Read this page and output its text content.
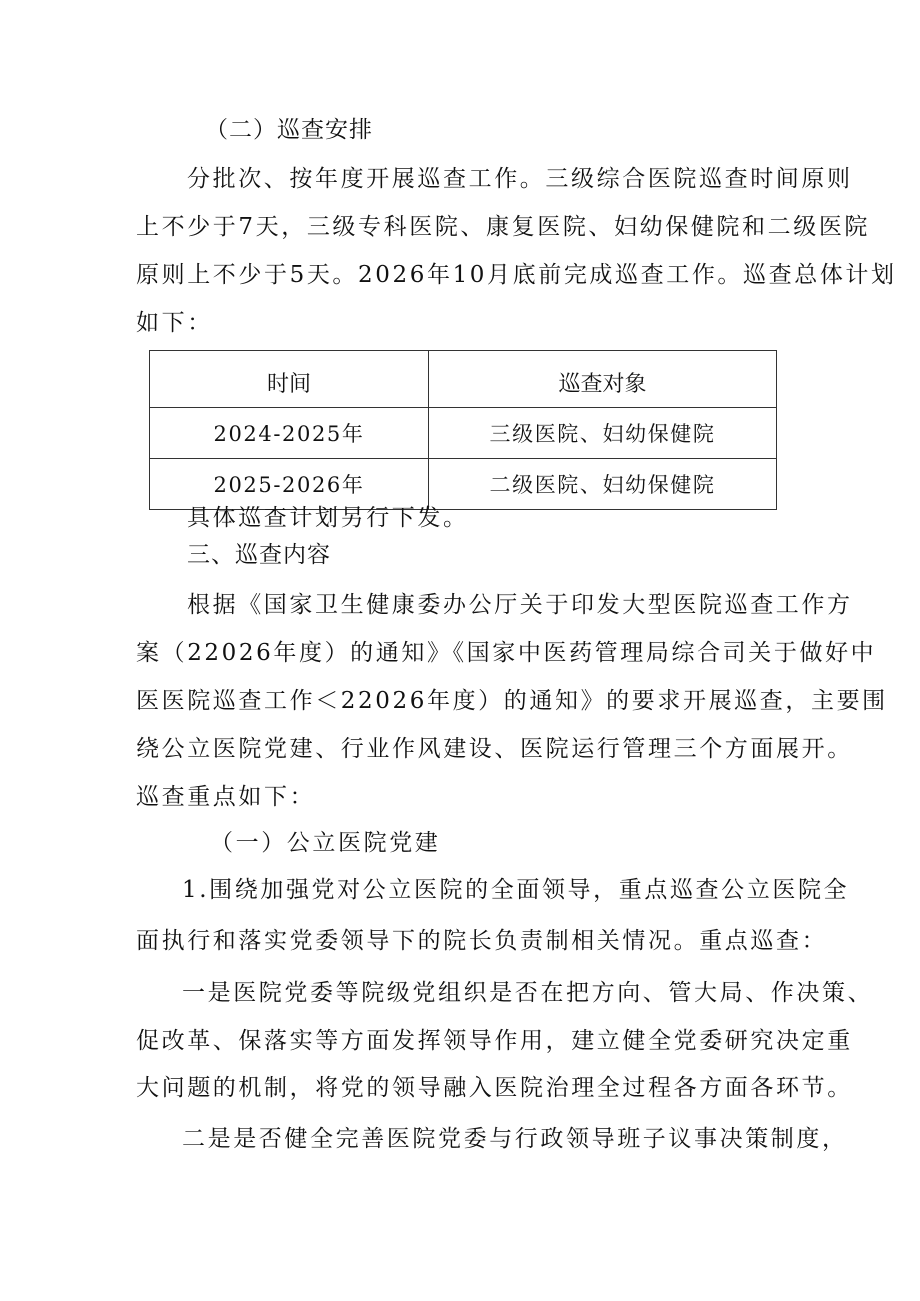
（二）巡查安排
分批次、按年度开展巡查工作。三级综合医院巡查时间原则
上不少于7天，三级专科医院、康复医院、妇幼保健院和二级医院
原则上不少于5天。2026年10月底前完成巡查工作。巡查总体计划
如下：
时间	巡查对象
2024-2025年	三级医院、妇幼保健院
2025-2026年	二级医院、妇幼保健院
具体巡查计划另行下发。
三、巡查内容
根据《国家卫生健康委办公厅关于印发大型医院巡查工作方
案（22026年度）的通知》《国家中医药管理局综合司关于做好中
医医院巡查工作＜22026年度）的通知》的要求开展巡查，主要围
绕公立医院党建、行业作风建设、医院运行管理三个方面展开。
巡查重点如下：
（一）公立医院党建
1.围绕加强党对公立医院的全面领导，重点巡查公立医院全
面执行和落实党委领导下的院长负责制相关情况。重点巡查：
一是医院党委等院级党组织是否在把方向、管大局、作决策、
促改革、保落实等方面发挥领导作用，建立健全党委研究决定重
大问题的机制，将党的领导融入医院治理全过程各方面各环节。
二是是否健全完善医院党委与行政领导班子议事决策制度，
